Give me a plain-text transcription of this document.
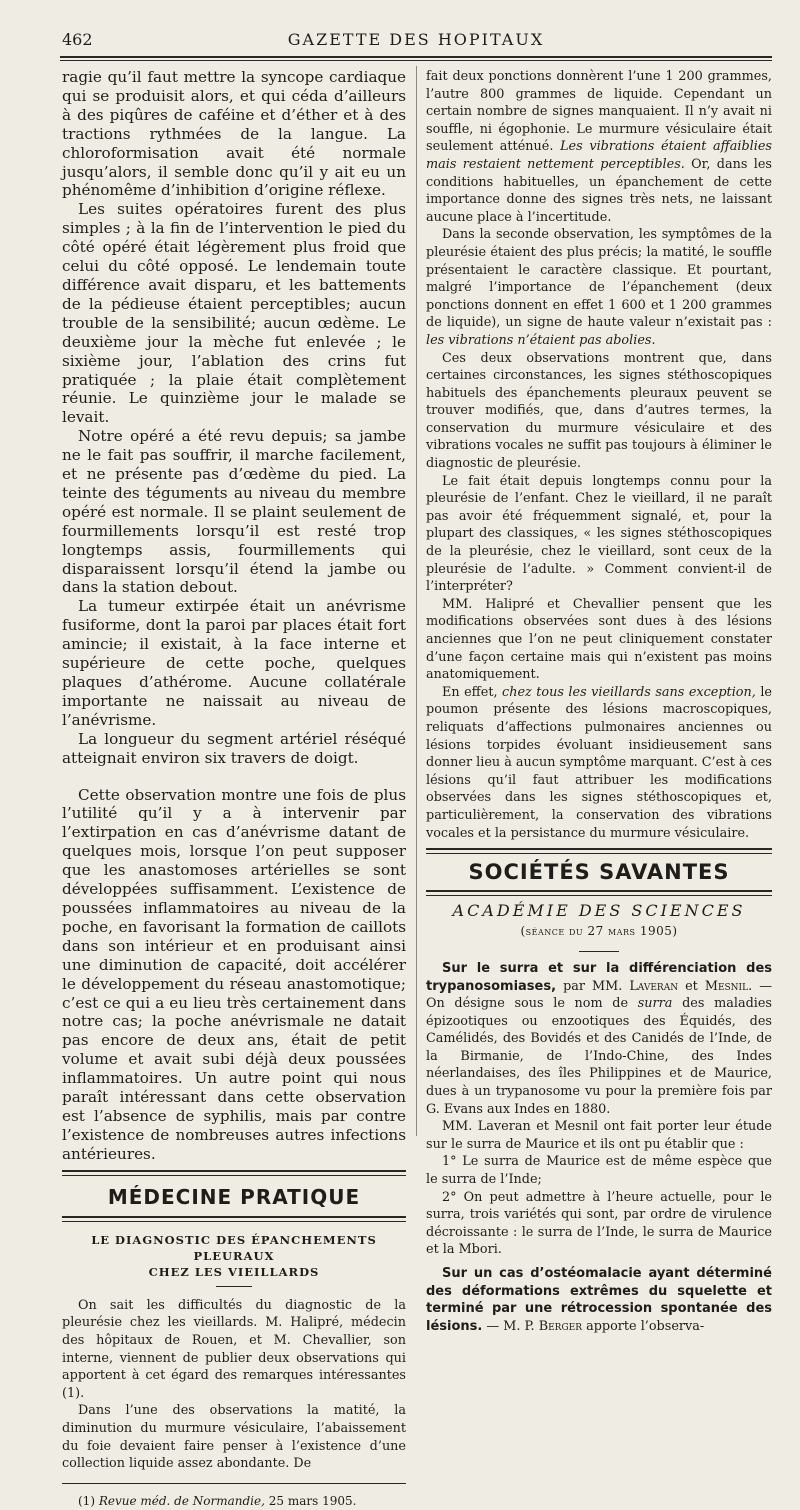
462	GAZETTE DES HOPITAUX

ragie qu’il faut mettre la syncope cardiaque qui se produisit alors, et qui céda d’ailleurs à des piqûres de caféine et d’éther et à des tractions rythmées de la langue. La chloroformisation avait été normale jusqu’alors, il semble donc qu’il y ait eu un phénomême d’inhibition d’origine réflexe.

Les suites opératoires furent des plus simples ; à la fin de l’intervention le pied du côté opéré était légèrement plus froid que celui du côté opposé. Le lendemain toute différence avait disparu, et les battements de la pédieuse étaient perceptibles; aucun trouble de la sensibilité; aucun œdème. Le deuxième jour la mèche fut enlevée ; le sixième jour, l’ablation des crins fut pratiquée ; la plaie était complètement réunie. Le quinzième jour le malade se levait.

Notre opéré a été revu depuis; sa jambe ne le fait pas souffrir, il marche facilement, et ne présente pas d’œdème du pied. La teinte des téguments au niveau du membre opéré est normale. Il se plaint seulement de fourmillements lorsqu’il est resté trop longtemps assis, fourmillements qui disparaissent lorsqu’il étend la jambe ou dans la station debout.

La tumeur extirpée était un anévrisme fusiforme, dont la paroi par places était fort amincie; il existait, à la face interne et supérieure de cette poche, quelques plaques d’athérome. Aucune collatérale importante ne naissait au niveau de l’anévrisme.

La longueur du segment artériel réséqué atteignait environ six travers de doigt.

Cette observation montre une fois de plus l’utilité qu’il y a à intervenir par l’extirpation en cas d’anévrisme datant de quelques mois, lorsque l’on peut supposer que les anastomoses artérielles se sont développées suffisamment. L’existence de poussées inflammatoires au niveau de la poche, en favorisant la formation de caillots dans son intérieur et en produisant ainsi une diminution de capacité, doit accélérer le développement du réseau anastomotique; c’est ce qui a eu lieu très certainement dans notre cas; la poche anévrismale ne datait pas encore de deux ans, était de petit volume et avait subi déjà deux poussées inflammatoires. Un autre point qui nous paraît intéressant dans cette observation est l’absence de syphilis, mais par contre l’existence de nombreuses autres infections antérieures.

MÉDECINE PRATIQUE
LE DIAGNOSTIC DES ÉPANCHEMENTS PLEURAUX
CHEZ LES VIEILLARDS

On sait les difficultés du diagnostic de la pleurésie chez les vieillards. M. Halipré, médecin des hôpitaux de Rouen, et M. Chevallier, son interne, viennent de publier deux observations qui apportent à cet égard des remarques intéressantes (1).

Dans l’une des observations la matité, la diminution du murmure vésiculaire, l’abaissement du foie devaient faire penser à l’existence d’une collection liquide assez abondante. De

(1) Revue méd. de Normandie, 25 mars 1905.

fait deux ponctions donnèrent l’une 1 200 grammes, l’autre 800 grammes de liquide. Cependant un certain nombre de signes manquaient. Il n’y avait ni souffle, ni égophonie. Le murmure vésiculaire était seulement atténué. Les vibrations étaient affaiblies mais restaient nettement perceptibles. Or, dans les conditions habituelles, un épanchement de cette importance donne des signes très nets, ne laissant aucune place à l’incertitude.

Dans la seconde observation, les symptômes de la pleurésie étaient des plus précis; la matité, le souffle présentaient le caractère classique. Et pourtant, malgré l’importance de l’épanchement (deux ponctions donnent en effet 1 600 et 1 200 grammes de liquide), un signe de haute valeur n’existait pas : les vibrations n’étaient pas abolies.

Ces deux observations montrent que, dans certaines circonstances, les signes stéthoscopiques habituels des épanchements pleuraux peuvent se trouver modifiés, que, dans d’autres termes, la conservation du murmure vésiculaire et des vibrations vocales ne suffit pas toujours à éliminer le diagnostic de pleurésie.

Le fait était depuis longtemps connu pour la pleurésie de l’enfant. Chez le vieillard, il ne paraît pas avoir été fréquemment signalé, et, pour la plupart des classiques, « les signes stéthoscopiques de la pleurésie, chez le vieillard, sont ceux de la pleurésie de l’adulte. » Comment convient-il de l’interpréter?

MM. Halipré et Chevallier pensent que les modifications observées sont dues à des lésions anciennes que l’on ne peut cliniquement constater d’une façon certaine mais qui n’existent pas moins anatomiquement.

En effet, chez tous les vieillards sans exception, le poumon présente des lésions macroscopiques, reliquats d’affections pulmonaires anciennes ou lésions torpides évoluant insidieusement sans donner lieu à aucun symptôme marquant. C’est à ces lésions qu’il faut attribuer les modifications observées dans les signes stéthoscopiques et, particulièrement, la conservation des vibrations vocales et la persistance du murmure vésiculaire.

SOCIÉTÉS SAVANTES
ACADÉMIE DES SCIENCES
(séance du 27 mars 1905)

Sur le surra et sur la différenciation des trypanosomiases, par MM. Laveran et Mesnil. — On désigne sous le nom de surra des maladies épizootiques ou enzootiques des Équidés, des Camélidés, des Bovidés et des Canidés de l’Inde, de la Birmanie, de l’Indo-Chine, des Indes néerlandaises, des îles Philippines et de Maurice, dues à un trypanosome vu pour la première fois par G. Evans aux Indes en 1880.

MM. Laveran et Mesnil ont fait porter leur étude sur le surra de Maurice et ils ont pu établir que :

1° Le surra de Maurice est de même espèce que le surra de l’Inde;

2° On peut admettre à l’heure actuelle, pour le surra, trois variétés qui sont, par ordre de virulence décroissante : le surra de l’Inde, le surra de Maurice et la Mbori.

Sur un cas d’ostéomalacie ayant déterminé des déformations extrêmes du squelette et terminé par une rétrocession spontanée des lésions. — M. P. Berger apporte l’observa-
